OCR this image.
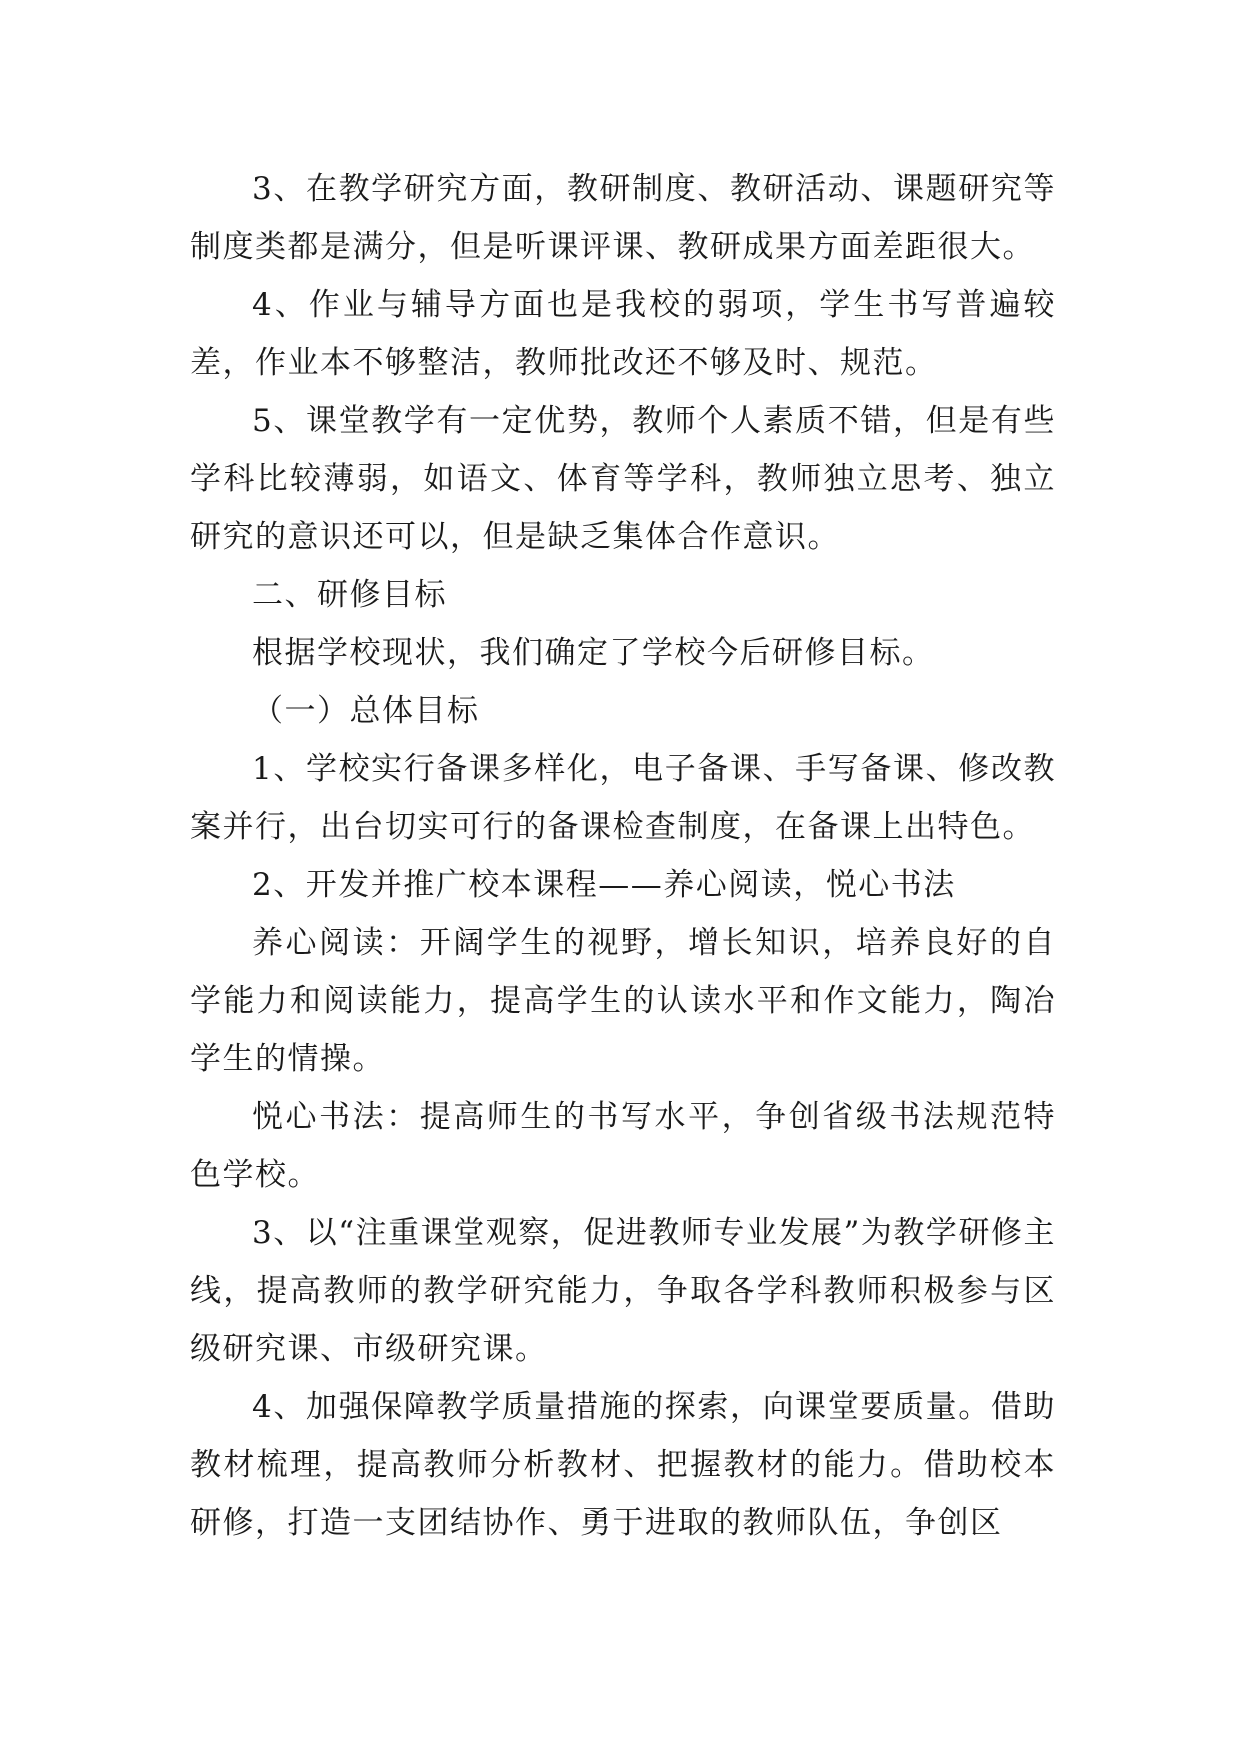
3、在教学研究方面，教研制度、教研活动、课题研究等制度类都是满分，但是听课评课、教研成果方面差距很大。

4、作业与辅导方面也是我校的弱项，学生书写普遍较差，作业本不够整洁，教师批改还不够及时、规范。

5、课堂教学有一定优势，教师个人素质不错，但是有些学科比较薄弱，如语文、体育等学科，教师独立思考、独立研究的意识还可以，但是缺乏集体合作意识。

二、研修目标

根据学校现状，我们确定了学校今后研修目标。

（一）总体目标

1、学校实行备课多样化，电子备课、手写备课、修改教案并行，出台切实可行的备课检查制度，在备课上出特色。

2、开发并推广校本课程——养心阅读，悦心书法

养心阅读：开阔学生的视野，增长知识，培养良好的自学能力和阅读能力，提高学生的认读水平和作文能力，陶冶学生的情操。

悦心书法：提高师生的书写水平，争创省级书法规范特色学校。

3、以“注重课堂观察，促进教师专业发展”为教学研修主线，提高教师的教学研究能力，争取各学科教师积极参与区级研究课、市级研究课。

4、加强保障教学质量措施的探索，向课堂要质量。借助教材梳理，提高教师分析教材、把握教材的能力。借助校本研修，打造一支团结协作、勇于进取的教师队伍，争创区
